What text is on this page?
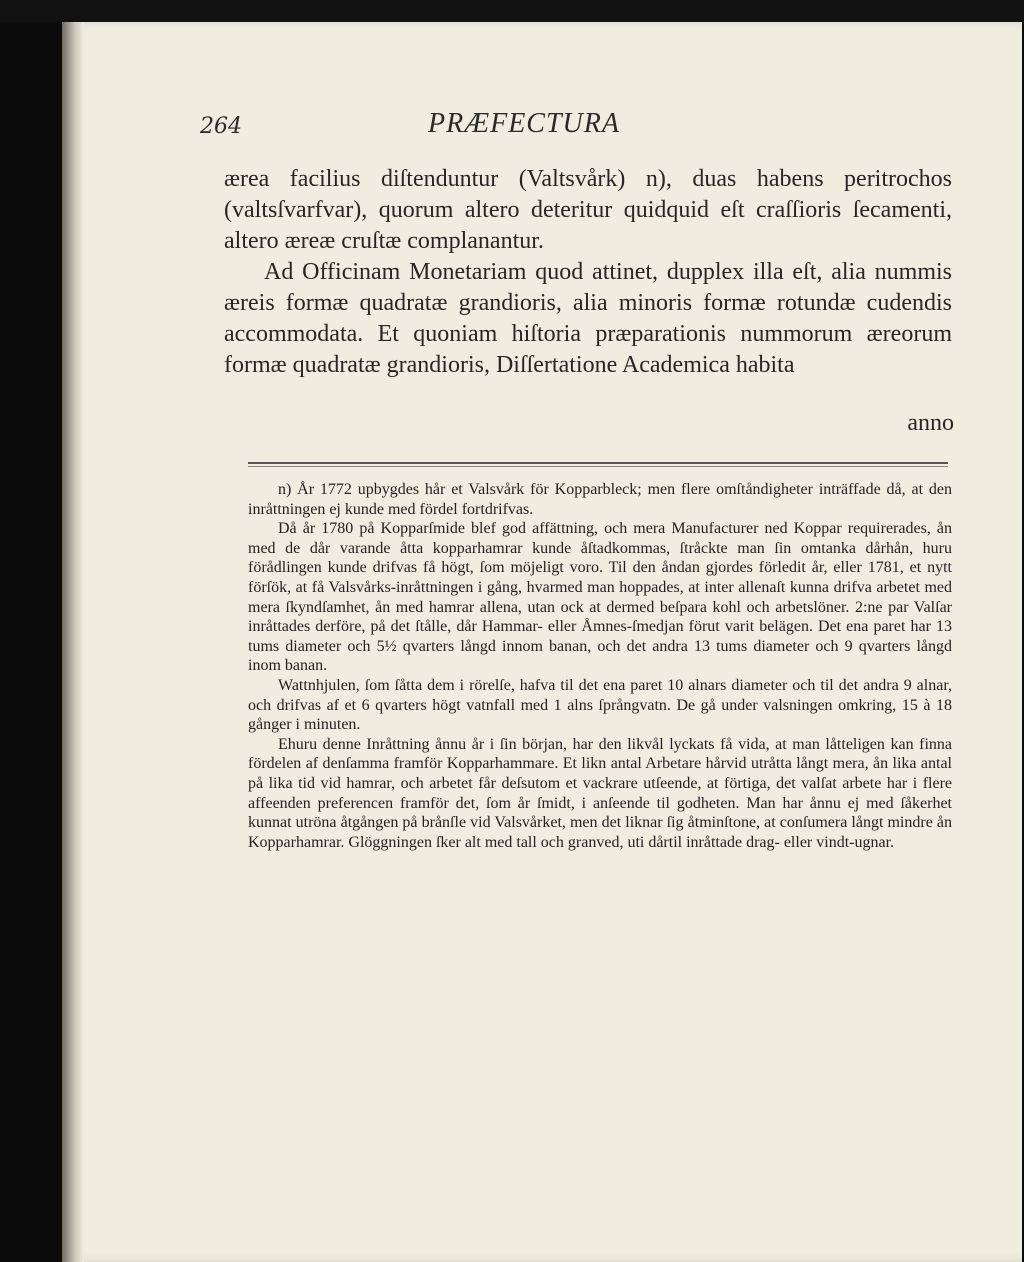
264	PRÆFECTURA

ærea facilius diſtenduntur (Valtsvårk) n), duas habens peritrochos (valtsſvarfvar), quorum altero deteritur quidquid eſt craſſioris ſecamenti, altero æreæ cruſtæ complanantur.

Ad Officinam Monetariam quod attinet, dupplex illa eſt, alia nummis æreis formæ quadratæ grandioris, alia minoris formæ rotundæ cudendis accommodata. Et quoniam hiſtoria præparationis nummorum æreorum formæ quadratæ grandioris, Diſſertatione Academica habita

anno

n) År 1772 upbygdes hår et Valsvårk för Kopparbleck; men flere omſtåndigheter inträffade då, at den inråttningen ej kunde med fördel fortdrifvas.

Då år 1780 på Kopparſmide blef god affättning, och mera Manufacturer ned Koppar requirerades, ån med de dår varande åtta kopparhamrar kunde åſtadkommas, ſtråckte man ſin omtanka dårhån, huru förådlingen kunde drifvas få högt, ſom möjeligt voro. Til den åndan gjordes förledit år, eller 1781, et nytt förſök, at få Valsvårks-inråttningen i gång, hvarmed man hoppades, at inter allenaſt kunna drifva arbetet med mera ſkyndſamhet, ån med hamrar allena, utan ock at dermed beſpara kohl och arbetslöner. 2:ne par Valſar inråttades derföre, på det ſtålle, dår Hammar- eller Åmnes-ſmedjan förut varit belägen. Det ena paret har 13 tums diameter och 5½ qvarters långd innom banan, och det andra 13 tums diameter och 9 qvarters långd inom banan.

Wattnhjulen, ſom ſåtta dem i rörelſe, hafva til det ena paret 10 alnars diameter och til det andra 9 alnar, och drifvas af et 6 qvarters högt vatnfall med 1 alns ſprångvatn. De gå under valsningen omkring, 15 à 18 gånger i minuten.

Ehuru denne Inråttning ånnu år i ſin början, har den likvål lyckats få vida, at man låtteligen kan finna fördelen af denſamma framför Kopparhammare. Et likn antal Arbetare hårvid utråtta långt mera, ån lika antal på lika tid vid hamrar, och arbetet får deſsutom et vackrare utſeende, at förtiga, det valſat arbete har i flere affeenden preferencen framför det, ſom år ſmidt, i anſeende til godheten. Man har ånnu ej med ſåkerhet kunnat utröna åtgången på brånſle vid Valsvårket, men det liknar ſig åtminſtone, at conſumera långt mindre ån Kopparhamrar. Glöggningen ſker alt med tall och granved, uti dårtil inråttade drag- eller vindt-ugnar.
